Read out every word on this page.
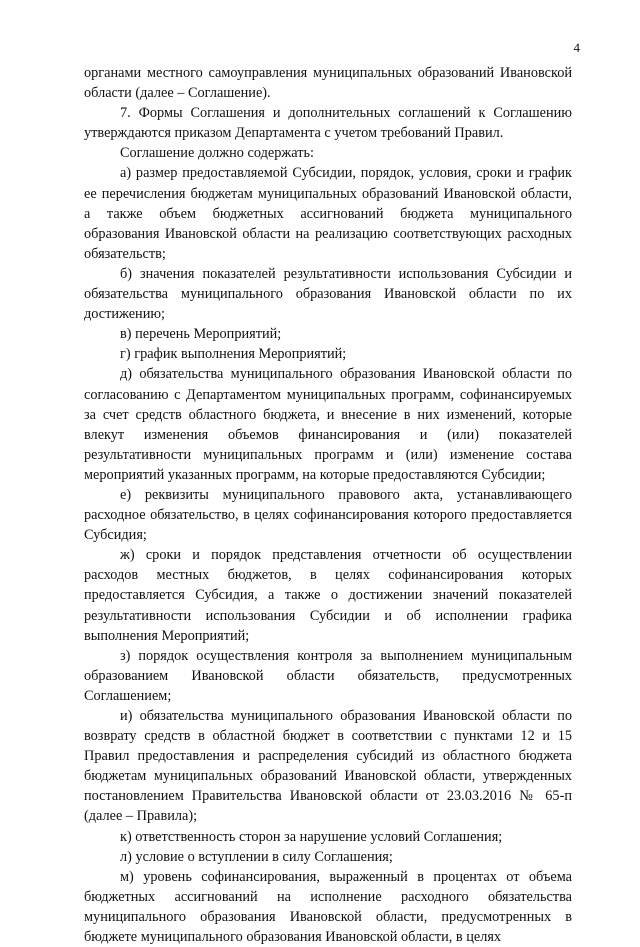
4

органами местного самоуправления муниципальных образований Ивановской области (далее – Соглашение).

7. Формы Соглашения и дополнительных соглашений к Соглашению утверждаются приказом Департамента с учетом требований Правил.

Соглашение должно содержать:

а) размер предоставляемой Субсидии, порядок, условия, сроки и график ее перечисления бюджетам муниципальных образований Ивановской области, а также объем бюджетных ассигнований бюджета муниципального образования Ивановской области на реализацию соответствующих расходных обязательств;

б) значения показателей результативности использования Субсидии и обязательства муниципального образования Ивановской области по их достижению;

в) перечень Мероприятий;

г) график выполнения Мероприятий;

д) обязательства муниципального образования Ивановской области по согласованию с Департаментом муниципальных программ, софинансируемых за счет средств областного бюджета, и внесение в них изменений, которые влекут изменения объемов финансирования и (или) показателей результативности муниципальных программ и (или) изменение состава мероприятий указанных программ, на которые предоставляются Субсидии;

е) реквизиты муниципального правового акта, устанавливающего расходное обязательство, в целях софинансирования которого предоставляется Субсидия;

ж) сроки и порядок представления отчетности об осуществлении расходов местных бюджетов, в целях софинансирования которых предоставляется Субсидия, а также о достижении значений показателей результативности использования Субсидии и об исполнении графика выполнения Мероприятий;

з) порядок осуществления контроля за выполнением муниципальным образованием Ивановской области обязательств, предусмотренных Соглашением;

и) обязательства муниципального образования Ивановской области по возврату средств в областной бюджет в соответствии с пунктами 12 и 15 Правил предоставления и распределения субсидий из областного бюджета бюджетам муниципальных образований Ивановской области, утвержденных постановлением Правительства Ивановской области от 23.03.2016 № 65-п (далее – Правила);

к) ответственность сторон за нарушение условий Соглашения;

л) условие о вступлении в силу Соглашения;

м) уровень софинансирования, выраженный в процентах от объема бюджетных ассигнований на исполнение расходного обязательства муниципального образования Ивановской области, предусмотренных в бюджете муниципального образования Ивановской области, в целях
